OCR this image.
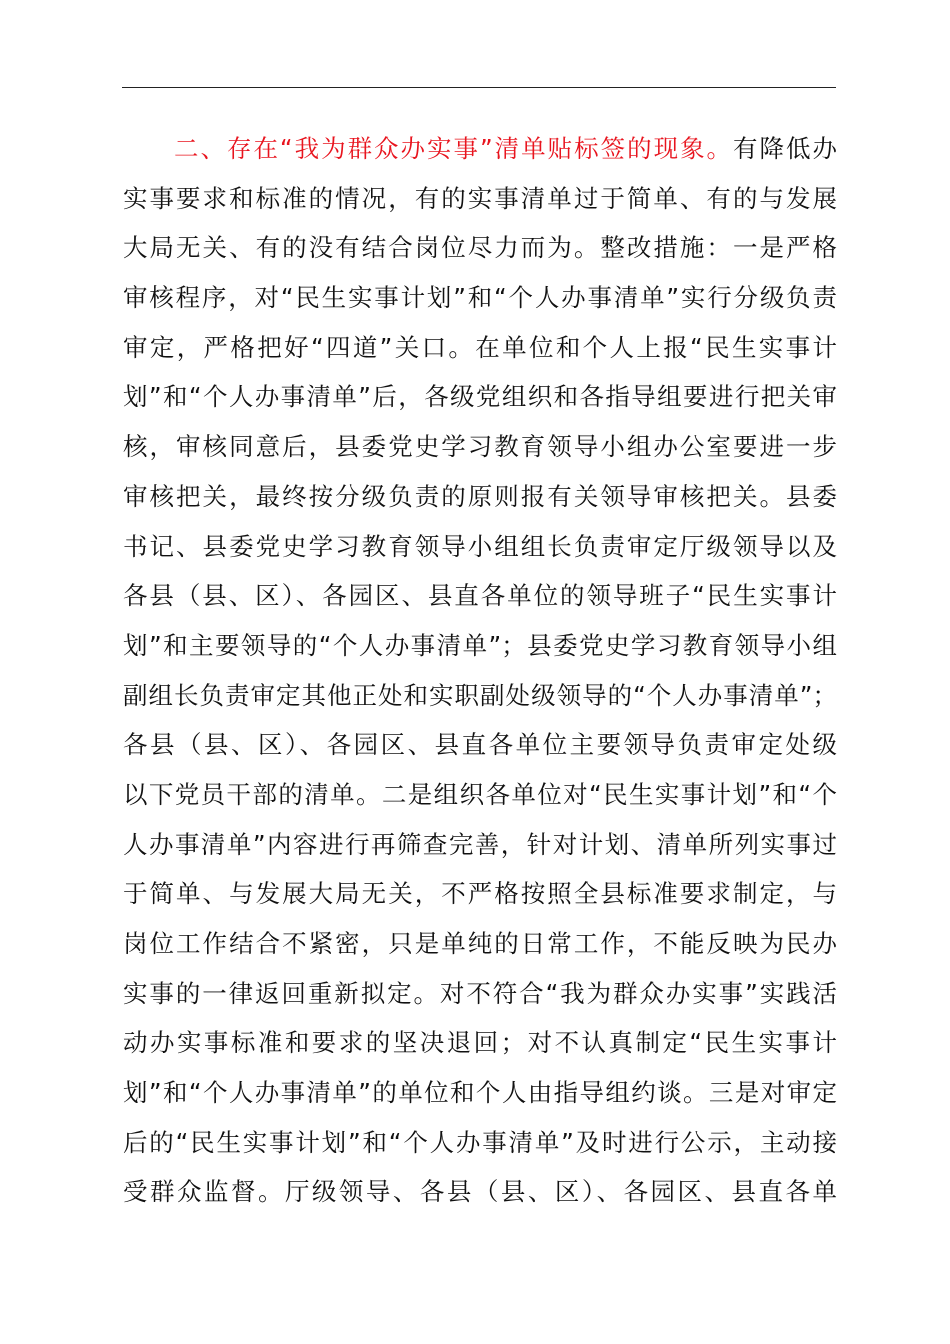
二、存在“我为群众办实事”清单贴标签的现象。有降低办
实事要求和标准的情况，有的实事清单过于简单、有的与发展
大局无关、有的没有结合岗位尽力而为。整改措施：一是严格
审核程序，对“民生实事计划”和“个人办事清单”实行分级负责
审定，严格把好“四道”关口。在单位和个人上报“民生实事计
划”和“个人办事清单”后，各级党组织和各指导组要进行把关审
核，审核同意后，县委党史学习教育领导小组办公室要进一步
审核把关，最终按分级负责的原则报有关领导审核把关。县委
书记、县委党史学习教育领导小组组长负责审定厅级领导以及
各县（县、区）、各园区、县直各单位的领导班子“民生实事计
划”和主要领导的“个人办事清单”；县委党史学习教育领导小组
副组长负责审定其他正处和实职副处级领导的“个人办事清单”；
各县（县、区）、各园区、县直各单位主要领导负责审定处级
以下党员干部的清单。二是组织各单位对“民生实事计划”和“个
人办事清单”内容进行再筛查完善，针对计划、清单所列实事过
于简单、与发展大局无关，不严格按照全县标准要求制定，与
岗位工作结合不紧密，只是单纯的日常工作，不能反映为民办
实事的一律返回重新拟定。对不符合“我为群众办实事”实践活
动办实事标准和要求的坚决退回；对不认真制定“民生实事计
划”和“个人办事清单”的单位和个人由指导组约谈。三是对审定
后的“民生实事计划”和“个人办事清单”及时进行公示，主动接
受群众监督。厅级领导、各县（县、区）、各园区、县直各单
